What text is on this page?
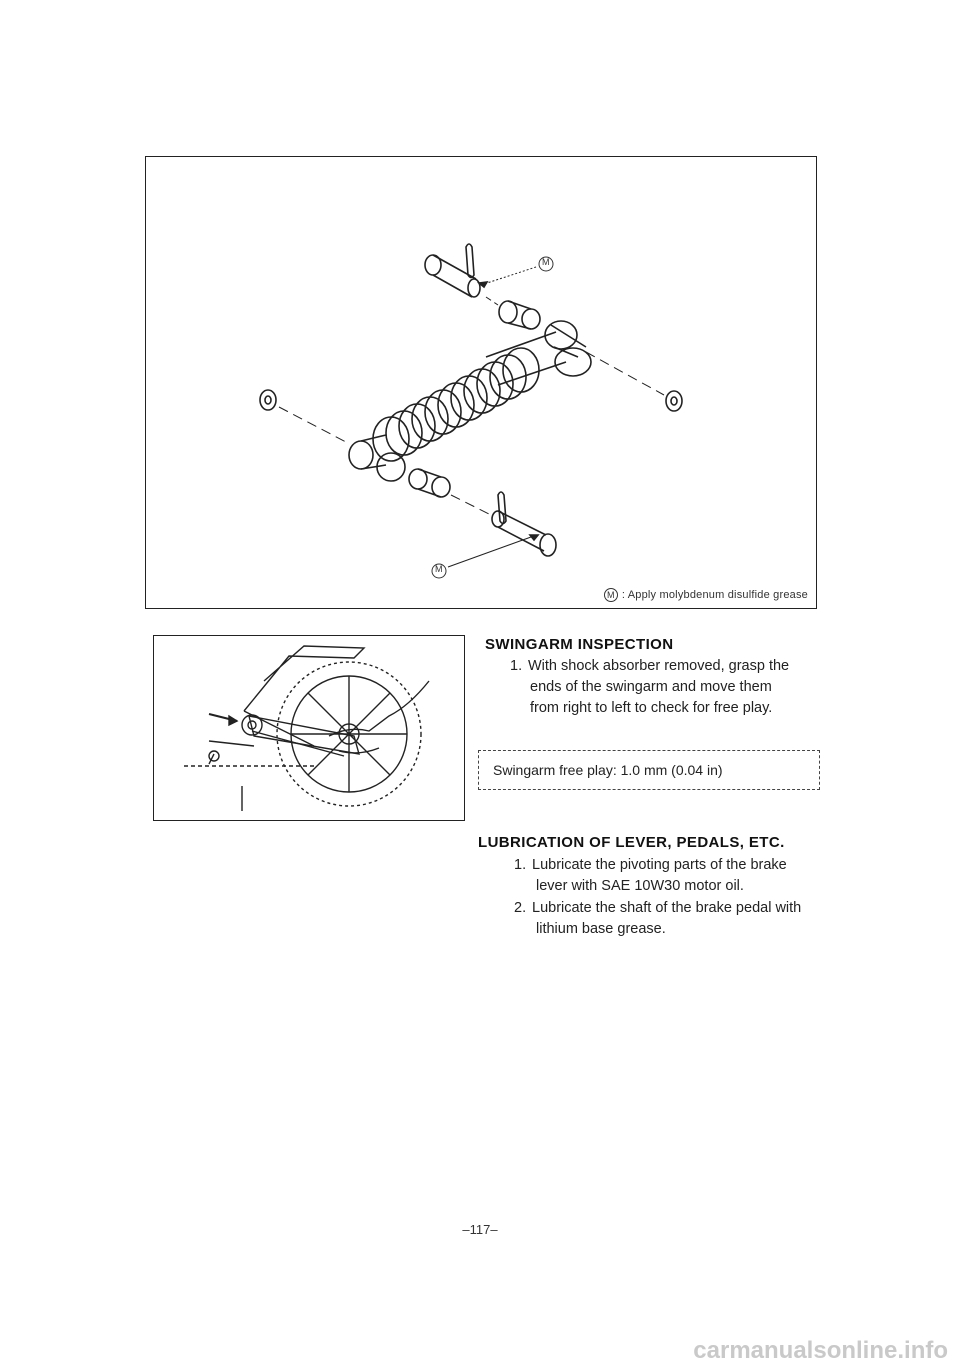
M
M
M : Apply molybdenum disulfide grease
SWINGARM INSPECTION
1. With shock absorber removed, grasp the
ends of the swingarm and move them
from right to left to check for free play.
Swingarm free play: 1.0 mm (0.04 in)
LUBRICATION OF LEVER, PEDALS, ETC.
1. Lubricate the pivoting parts of the brake
lever with SAE 10W30 motor oil.
2. Lubricate the shaft of the brake pedal with
lithium base grease.
–117–
carmanualsonline.info
